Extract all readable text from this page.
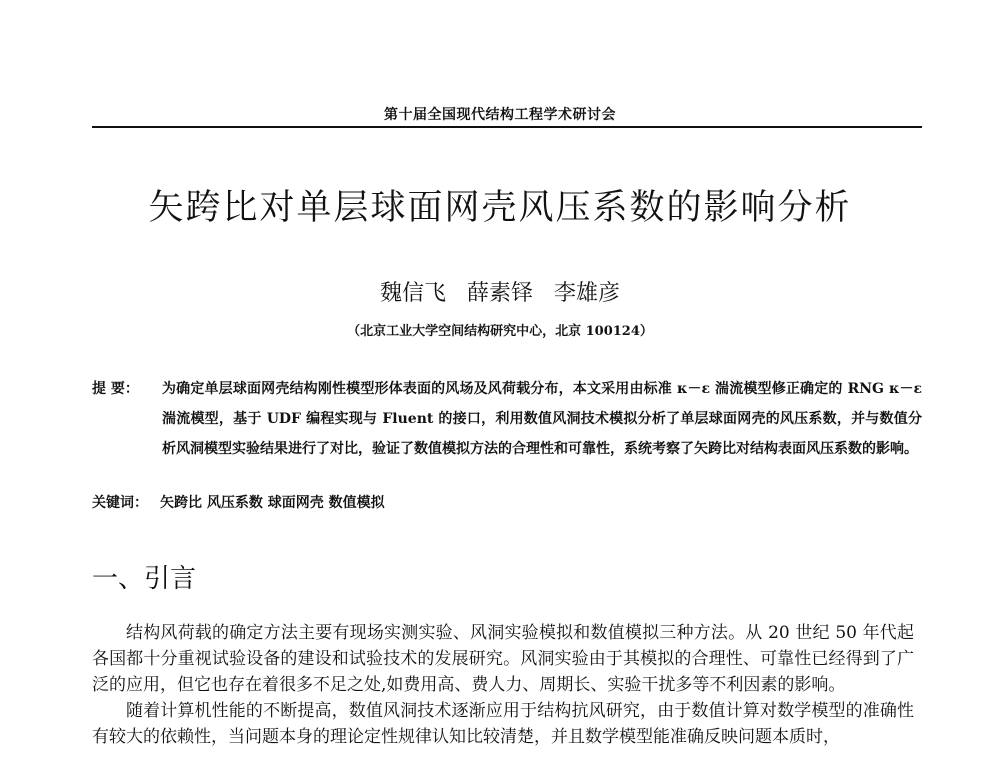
第十届全国现代结构工程学术研讨会
矢跨比对单层球面网壳风压系数的影响分析
魏信飞 薛素铎 李雄彦
（北京工业大学空间结构研究中心，北京 100124）
提 要：	为确定单层球面网壳结构刚性模型形体表面的风场及风荷载分布，本文采用由标准 κ－ε 湍流模型修正确定的 RNG κ－ε 湍流模型，基于 UDF 编程实现与 Fluent 的接口，利用数值风洞技术模拟分析了单层球面网壳的风压系数，并与数值分析风洞模型实验结果进行了对比，验证了数值模拟方法的合理性和可靠性，系统考察了矢跨比对结构表面风压系数的影响。
关键词： 矢跨比 风压系数 球面网壳 数值模拟
一、引言

结构风荷载的确定方法主要有现场实测实验、风洞实验模拟和数值模拟三种方法。从 20 世纪 50 年代起各国都十分重视试验设备的建设和试验技术的发展研究。风洞实验由于其模拟的合理性、可靠性已经得到了广泛的应用，但它也存在着很多不足之处,如费用高、费人力、周期长、实验干扰多等不利因素的影响。

随着计算机性能的不断提高，数值风洞技术逐渐应用于结构抗风研究，由于数值计算对数学模型的准确性有较大的依赖性，当问题本身的理论定性规律认知比较清楚，并且数学模型能准确反映问题本质时，
